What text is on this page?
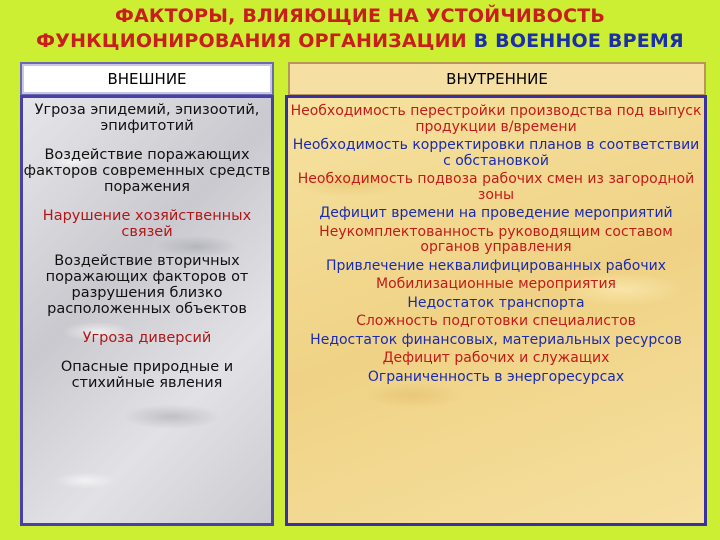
ФАКТОРЫ, ВЛИЯЮЩИЕ НА УСТОЙЧИВОСТЬ
ФУНКЦИОНИРОВАНИЯ ОРГАНИЗАЦИИ В ВОЕННОЕ ВРЕМЯ
ВНЕШНИЕ	ВНУТРЕННИЕ
Угроза эпидемий, эпизоотий, эпифитотий
Воздействие поражающих факторов современных средств поражения
Нарушение хозяйственных связей
Воздействие вторичных поражающих факторов от разрушения близко расположенных объектов
Угроза диверсий
Опасные природные и стихийные явления
Необходимость перестройки производства под выпуск продукции в/времени
Необходимость корректировки планов в соответствии с обстановкой
Необходимость подвоза рабочих смен из загородной зоны
Дефицит времени на проведение мероприятий
Неукомплектованность руководящим составом органов управления
Привлечение неквалифицированных рабочих
Мобилизационные мероприятия
Недостаток транспорта
Сложность подготовки специалистов
Недостаток финансовых, материальных ресурсов
Дефицит рабочих и служащих
Ограниченность в энергоресурсах
